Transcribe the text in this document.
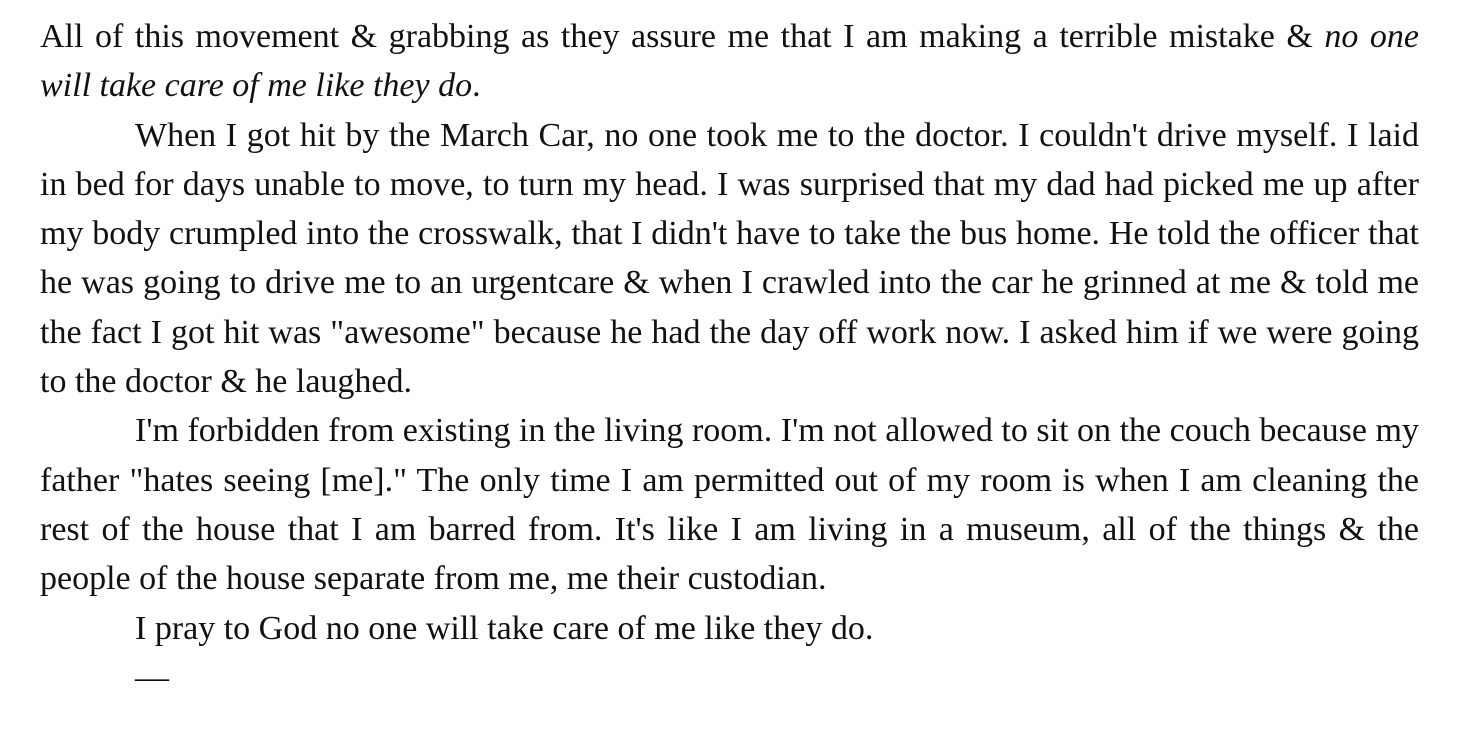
All of this movement & grabbing as they assure me that I am making a terrible mistake & no one will take care of me like they do.

When I got hit by the March Car, no one took me to the doctor. I couldn't drive myself. I laid in bed for days unable to move, to turn my head. I was surprised that my dad had picked me up after my body crumpled into the crosswalk, that I didn't have to take the bus home. He told the officer that he was going to drive me to an urgentcare & when I crawled into the car he grinned at me & told me the fact I got hit was "awesome" because he had the day off work now. I asked him if we were going to the doctor & he laughed.

I'm forbidden from existing in the living room. I'm not allowed to sit on the couch because my father "hates seeing [me]." The only time I am permitted out of my room is when I am cleaning the rest of the house that I am barred from. It's like I am living in a museum, all of the things & the people of the house separate from me, me their custodian.

I pray to God no one will take care of me like they do.

—
